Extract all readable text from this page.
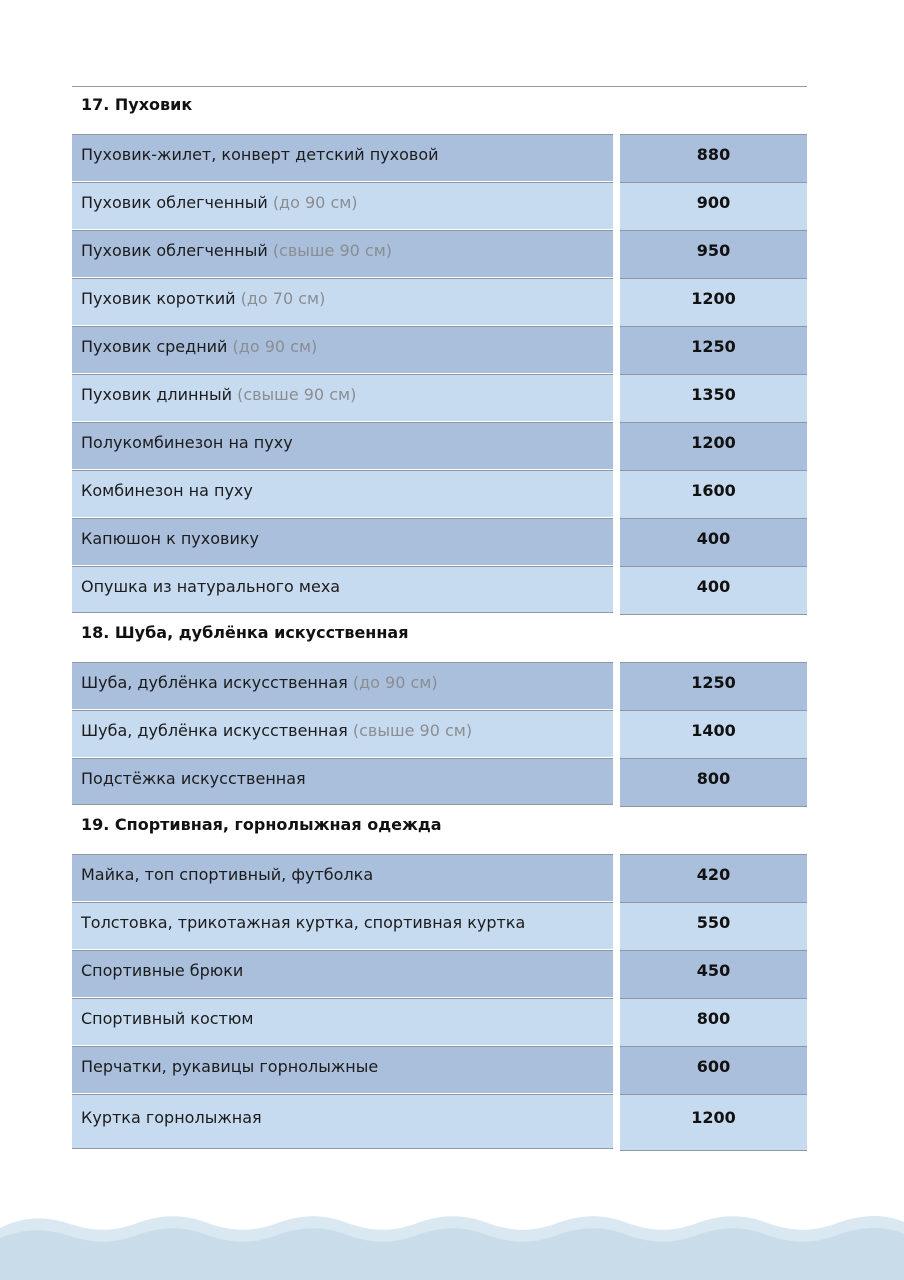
17. Пуховик
Пуховик-жилет, конверт детский пуховой	880
Пуховик облегченный (до 90 см)	900
Пуховик облегченный (свыше 90 см)	950
Пуховик короткий (до 70 см)	1200
Пуховик средний (до 90 см)	1250
Пуховик длинный (свыше 90 см)	1350
Полукомбинезон на пуху	1200
Комбинезон на пуху	1600
Капюшон к пуховику	400
Опушка из натурального меха	400
18. Шуба, дублёнка искусственная
Шуба, дублёнка искусственная (до 90 см)	1250
Шуба, дублёнка искусственная (свыше 90 см)	1400
Подстёжка искусственная	800
19. Спортивная, горнолыжная одежда
Майка, топ спортивный, футболка	420
Толстовка, трикотажная куртка, спортивная куртка	550
Спортивные брюки	450
Спортивный костюм	800
Перчатки, рукавицы горнолыжные	600
Куртка горнолыжная	1200
